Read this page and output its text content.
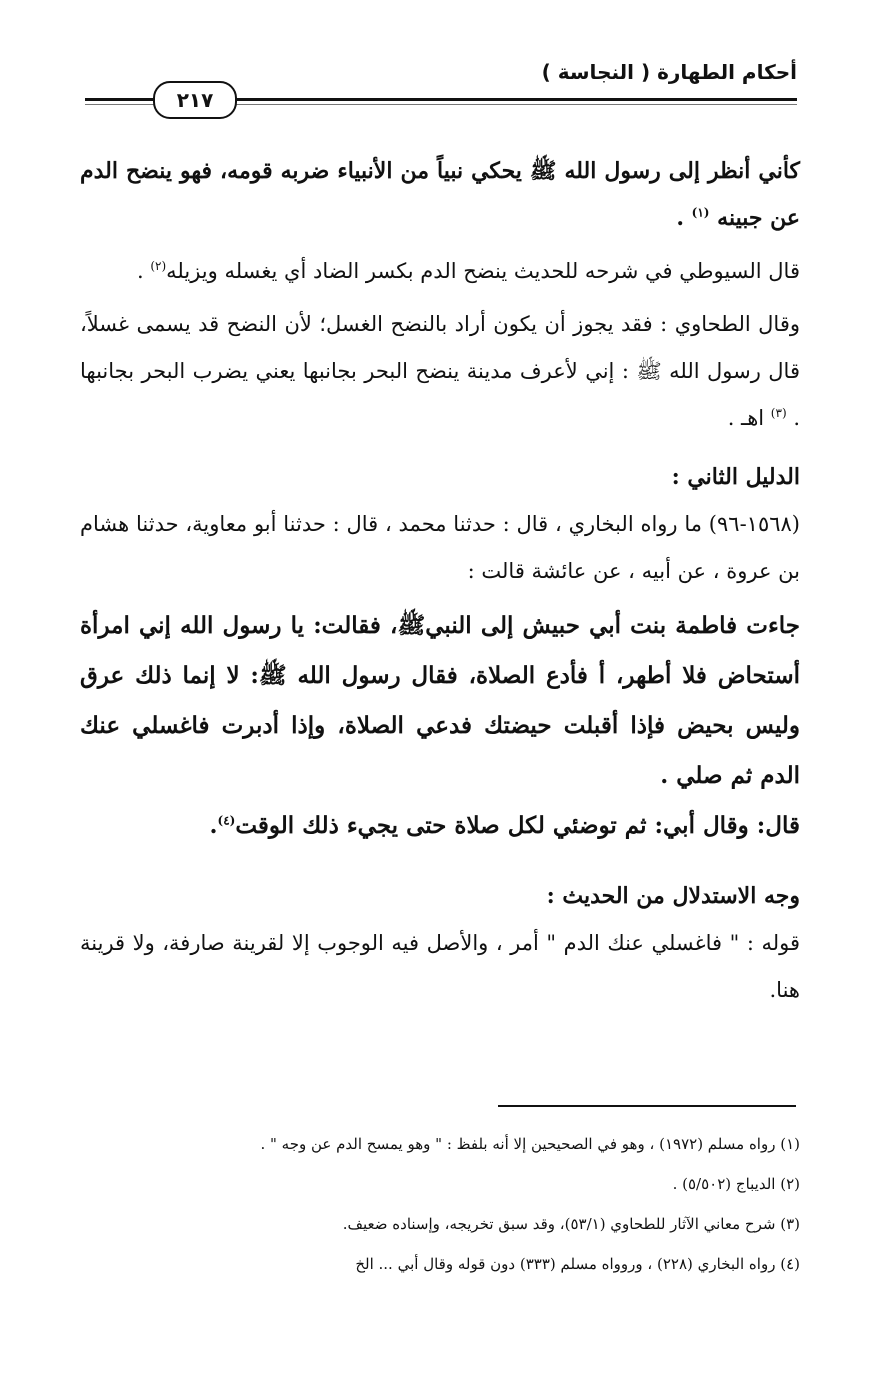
أحكام الطهارة ( النجاسة )
٢١٧

كأني أنظر إلى رسول الله ﷺ يحكي نبياً من الأنبياء ضربه قومه، فهو ينضح الدم عن جبينه $^{(١)}$ .

قال السيوطي في شرحه للحديث ينضح الدم بكسر الضاد أي يغسله ويزيله$^{(٢)}$ .

وقال الطحاوي : فقد يجوز أن يكون أراد بالنضح الغسل؛ لأن النضح قد يسمى غسلاً، قال رسول الله ﷺ : إني لأعرف مدينة ينضح البحر بجانبها يعني يضرب البحر بجانبها . $^{(٣)}$ اهـ .

الدليل الثاني :

(١٥٦٨-٩٦) ما رواه البخاري ، قال : حدثنا محمد ، قال : حدثنا أبو معاوية، حدثنا هشام بن عروة ، عن أبيه ، عن عائشة قالت :

جاءت فاطمة بنت أبي حبيش إلى النبيﷺ، فقالت: يا رسول الله إني امرأة أستحاض فلا أطهر، أ فأدع الصلاة، فقال رسول الله ﷺ: لا إنما ذلك عرق وليس بحيض فإذا أقبلت حيضتك فدعي الصلاة، وإذا أدبرت فاغسلي عنك الدم ثم صلي .

قال: وقال أبي: ثم توضئي لكل صلاة حتى يجيء ذلك الوقت$^{(٤)}$.

وجه الاستدلال من الحديث :

قوله : " فاغسلي عنك الدم " أمر ، والأصل فيه الوجوب إلا لقرينة صارفة، ولا قرينة هنا.

(١) رواه مسلم (١٩٧٢) ، وهو في الصحيحين إلا أنه بلفظ : " وهو يمسح الدم عن وجه " .

(٢) الديباج (٥/٥٠٢) .

(٣) شرح معاني الآثار للطحاوي (٥٣/١)، وقد سبق تخريجه، وإسناده ضعيف.

(٤) رواه البخاري (٢٢٨) ، وروواه مسلم (٣٣٣) دون قوله وقال أبي ... الخ
